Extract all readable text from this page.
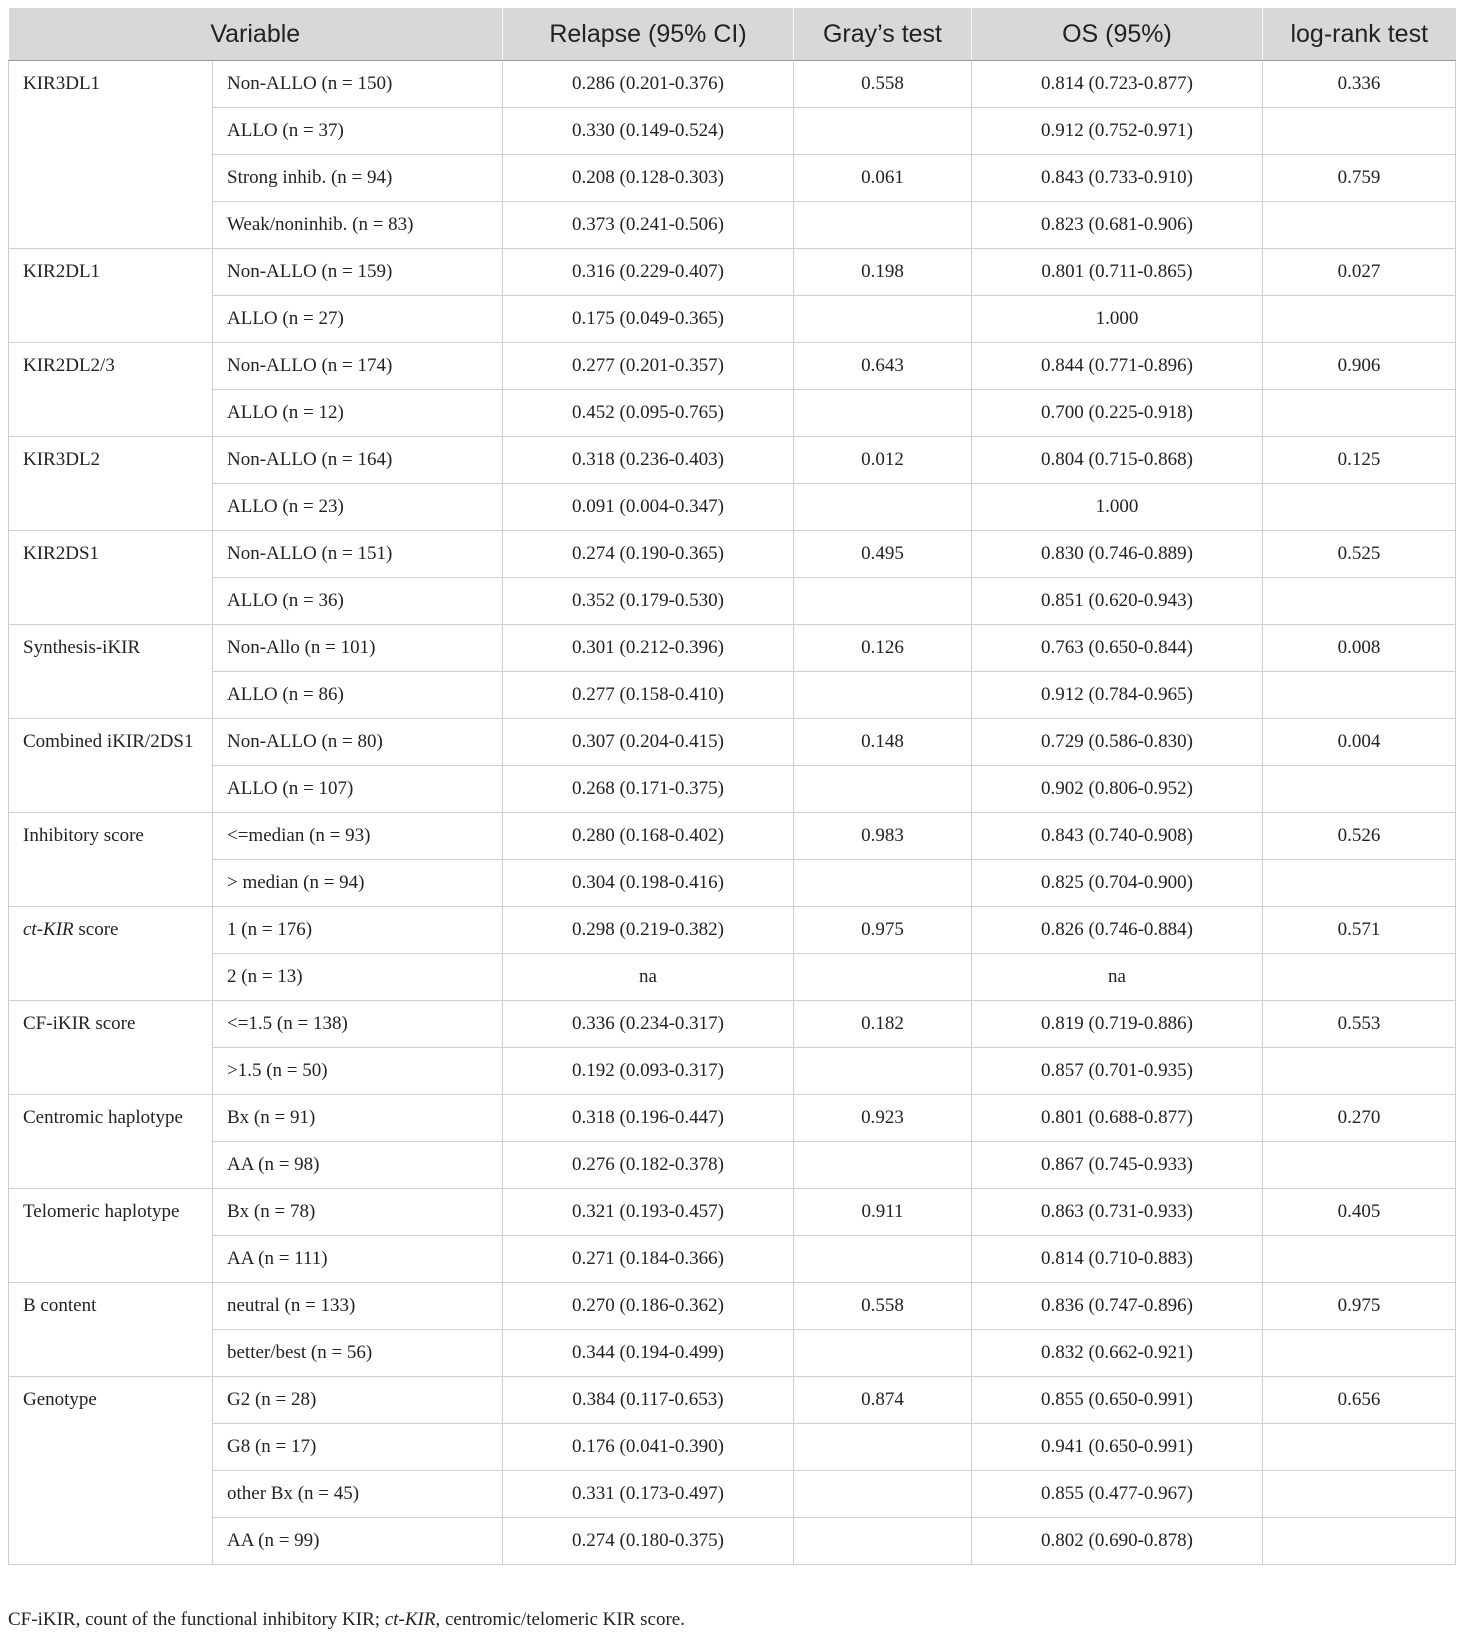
Variable		Relapse (95% CI)	Gray’s test	OS (95%)	log-rank test
KIR3DL1	Non-ALLO (n = 150)	0.286 (0.201-0.376)	0.558	0.814 (0.723-0.877)	0.336
	ALLO (n = 37)	0.330 (0.149-0.524)		0.912 (0.752-0.971)	
	Strong inhib. (n = 94)	0.208 (0.128-0.303)	0.061	0.843 (0.733-0.910)	0.759
	Weak/noninhib. (n = 83)	0.373 (0.241-0.506)		0.823 (0.681-0.906)	
KIR2DL1	Non-ALLO (n = 159)	0.316 (0.229-0.407)	0.198	0.801 (0.711-0.865)	0.027
	ALLO (n = 27)	0.175 (0.049-0.365)		1.000	
KIR2DL2/3	Non-ALLO (n = 174)	0.277 (0.201-0.357)	0.643	0.844 (0.771-0.896)	0.906
	ALLO (n = 12)	0.452 (0.095-0.765)		0.700 (0.225-0.918)	
KIR3DL2	Non-ALLO (n = 164)	0.318 (0.236-0.403)	0.012	0.804 (0.715-0.868)	0.125
	ALLO (n = 23)	0.091 (0.004-0.347)		1.000	
KIR2DS1	Non-ALLO (n = 151)	0.274 (0.190-0.365)	0.495	0.830 (0.746-0.889)	0.525
	ALLO (n = 36)	0.352 (0.179-0.530)		0.851 (0.620-0.943)	
Synthesis-iKIR	Non-Allo (n = 101)	0.301 (0.212-0.396)	0.126	0.763 (0.650-0.844)	0.008
	ALLO (n = 86)	0.277 (0.158-0.410)		0.912 (0.784-0.965)	
Combined iKIR/2DS1	Non-ALLO (n = 80)	0.307 (0.204-0.415)	0.148	0.729 (0.586-0.830)	0.004
	ALLO (n = 107)	0.268 (0.171-0.375)		0.902 (0.806-0.952)	
Inhibitory score	<=median (n = 93)	0.280 (0.168-0.402)	0.983	0.843 (0.740-0.908)	0.526
	> median (n = 94)	0.304 (0.198-0.416)		0.825 (0.704-0.900)	
ct-KIR score	1 (n = 176)	0.298 (0.219-0.382)	0.975	0.826 (0.746-0.884)	0.571
	2 (n = 13)	na		na	
CF-iKIR score	<=1.5 (n = 138)	0.336 (0.234-0.317)	0.182	0.819 (0.719-0.886)	0.553
	>1.5 (n = 50)	0.192 (0.093-0.317)		0.857 (0.701-0.935)	
Centromic haplotype	Bx (n = 91)	0.318 (0.196-0.447)	0.923	0.801 (0.688-0.877)	0.270
	AA (n = 98)	0.276 (0.182-0.378)		0.867 (0.745-0.933)	
Telomeric haplotype	Bx (n = 78)	0.321 (0.193-0.457)	0.911	0.863 (0.731-0.933)	0.405
	AA (n = 111)	0.271 (0.184-0.366)		0.814 (0.710-0.883)	
B content	neutral (n = 133)	0.270 (0.186-0.362)	0.558	0.836 (0.747-0.896)	0.975
	better/best (n = 56)	0.344 (0.194-0.499)		0.832 (0.662-0.921)	
Genotype	G2 (n = 28)	0.384 (0.117-0.653)	0.874	0.855 (0.650-0.991)	0.656
	G8 (n = 17)	0.176 (0.041-0.390)		0.941 (0.650-0.991)	
	other Bx (n = 45)	0.331 (0.173-0.497)		0.855 (0.477-0.967)	
	AA (n = 99)	0.274 (0.180-0.375)		0.802 (0.690-0.878)	
CF-iKIR, count of the functional inhibitory KIR; ct-KIR, centromic/telomeric KIR score.
